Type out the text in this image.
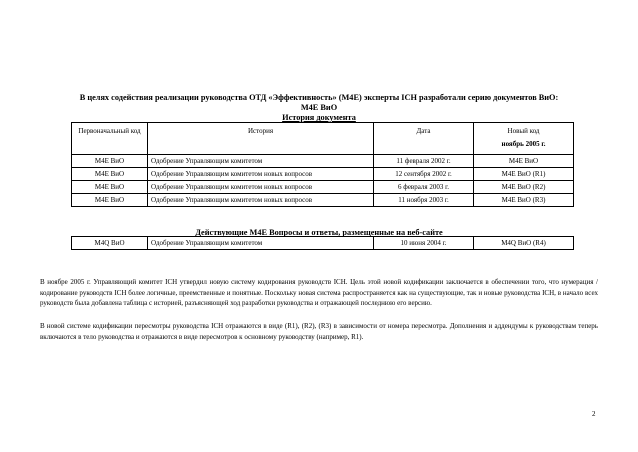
В целях содействия реализации руководства ОТД «Эффективность» (М4Е) эксперты ICH разработали серию документов ВиО:
M4E ВиО
История документа
Первоначальный код	История	Дата	Новый код
ноябрь 2005 г.

M4E ВиО	Одобрение Управляющим комитетом	11 февраля 2002 г.	M4E ВиО
M4E ВиО	Одобрение Управляющим комитетом новых вопросов	12 сентября 2002 г.	M4E ВиО (R1)
M4E ВиО	Одобрение Управляющим комитетом новых вопросов	6 февраля 2003 г.	M4E ВиО (R2)
M4E ВиО	Одобрение Управляющим комитетом новых вопросов	11 ноября 2003 г.	M4E ВиО (R3)
Действующие M4E Вопросы и ответы, размещенные на веб-сайте
M4Q ВиО	Одобрение Управляющим комитетом	10 июня 2004 г.	M4Q ВиО (R4)

В ноябре 2005 г. Управляющий комитет ICH утвердил новую систему кодирования руководств ICH. Цель этой новой кодификации заключается в обеспечении того, что нумерация / кодирование руководств ICH более логичные, преемственные и понятные. Поскольку новая система распространяется как на существующие, так и новые руководства ICH, в начало всех руководств была добавлена таблица с историей, разъясняющей ход разработки руководства и отражающей последнюю его версию.

В новой системе кодификации пересмотры руководства ICH отражаются в виде (R1), (R2), (R3) в зависимости от номера пересмотра. Дополнения и аддендумы к руководствам теперь включаются в тело руководства и отражаются в виде пересмотров к основному руководству (например, R1).

2
